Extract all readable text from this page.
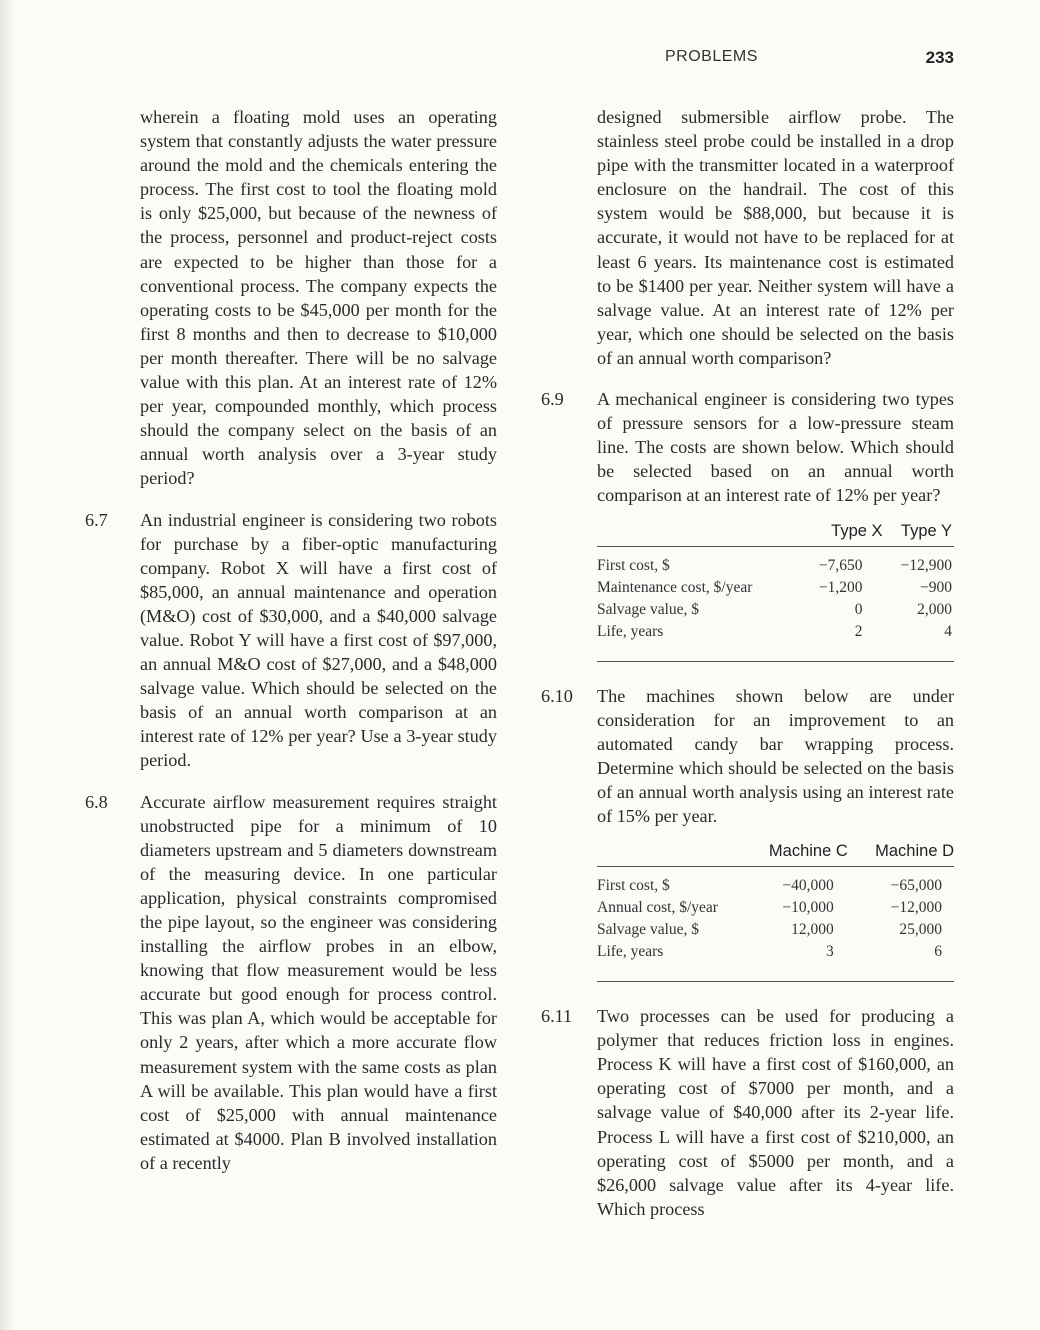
PROBLEMS	233

wherein a floating mold uses an operating system that constantly adjusts the water pressure around the mold and the chemicals entering the process. The first cost to tool the floating mold is only $25,000, but because of the newness of the process, personnel and product-reject costs are expected to be higher than those for a conventional process. The company expects the operating costs to be $45,000 per month for the first 8 months and then to decrease to $10,000 per month thereafter. There will be no salvage value with this plan. At an interest rate of 12% per year, compounded monthly, which process should the company select on the basis of an annual worth analysis over a 3-year study period?

6.7	An industrial engineer is considering two robots for purchase by a fiber-optic manufacturing company. Robot X will have a first cost of $85,000, an annual maintenance and operation (M&O) cost of $30,000, and a $40,000 salvage value. Robot Y will have a first cost of $97,000, an annual M&O cost of $27,000, and a $48,000 salvage value. Which should be selected on the basis of an annual worth comparison at an interest rate of 12% per year? Use a 3-year study period.

6.8	Accurate airflow measurement requires straight unobstructed pipe for a minimum of 10 diameters upstream and 5 diameters downstream of the measuring device. In one particular application, physical constraints compromised the pipe layout, so the engineer was considering installing the airflow probes in an elbow, knowing that flow measurement would be less accurate but good enough for process control. This was plan A, which would be acceptable for only 2 years, after which a more accurate flow measurement system with the same costs as plan A will be available. This plan would have a first cost of $25,000 with annual maintenance estimated at $4000. Plan B involved installation of a recently

designed submersible airflow probe. The stainless steel probe could be installed in a drop pipe with the transmitter located in a waterproof enclosure on the handrail. The cost of this system would be $88,000, but because it is accurate, it would not have to be replaced for at least 6 years. Its maintenance cost is estimated to be $1400 per year. Neither system will have a salvage value. At an interest rate of 12% per year, which one should be selected on the basis of an annual worth comparison?

6.9	A mechanical engineer is considering two types of pressure sensors for a low-pressure steam line. The costs are shown below. Which should be selected based on an annual worth comparison at an interest rate of 12% per year?

	Type X	Type Y
First cost, $	−7,650	−12,900
Maintenance cost, $/year	−1,200	−900
Salvage value, $	0	2,000
Life, years	2	4
6.10	The machines shown below are under consideration for an improvement to an automated candy bar wrapping process. Determine which should be selected on the basis of an annual worth analysis using an interest rate of 15% per year.

	Machine C	Machine D
First cost, $	−40,000	−65,000
Annual cost, $/year	−10,000	−12,000
Salvage value, $	12,000	25,000
Life, years	3	6
6.11	Two processes can be used for producing a polymer that reduces friction loss in engines. Process K will have a first cost of $160,000, an operating cost of $7000 per month, and a salvage value of $40,000 after its 2-year life. Process L will have a first cost of $210,000, an operating cost of $5000 per month, and a $26,000 salvage value after its 4-year life. Which process
